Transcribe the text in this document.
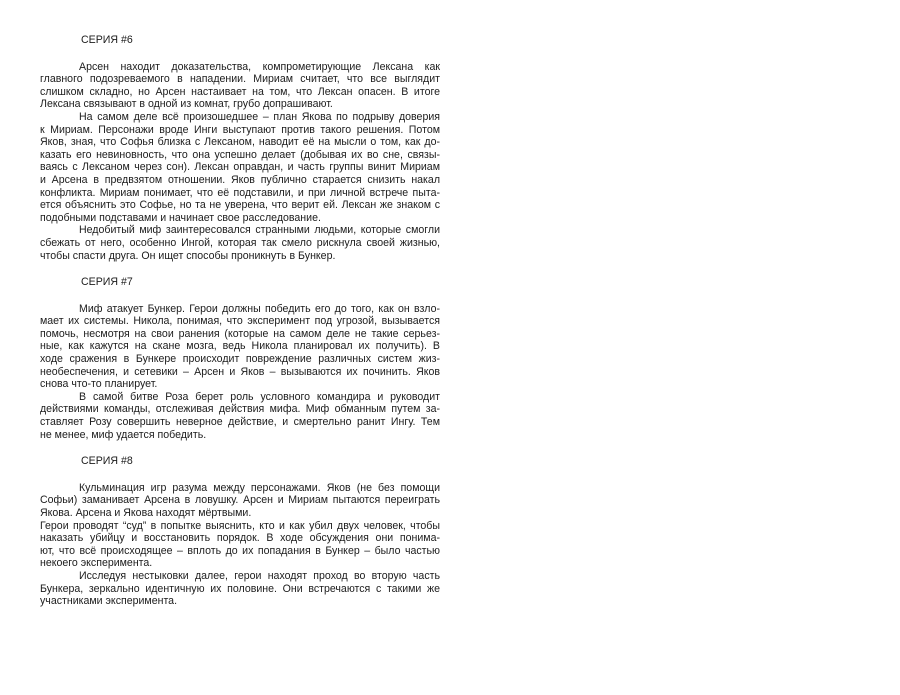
СЕРИЯ #6
Арсен находит доказательства, компрометирующие Лексана как
главного подозреваемого в нападении. Мириам считает, что все выглядит
слишком складно, но Арсен настаивает на том, что Лексан опасен. В итоге
Лексана связывают в одной из комнат, грубо допрашивают.
На самом деле всё произошедшее – план Якова по подрыву доверия
к Мириам. Персонажи вроде Инги выступают против такого решения. Потом
Яков, зная, что Софья близка с Лексаном, наводит её на мысли о том, как до-
казать его невиновность, что она успешно делает (добывая их во сне, связы-
ваясь с Лексаном через сон). Лексан оправдан, и часть группы винит Мириам
и Арсена в предвзятом отношении. Яков публично старается снизить накал
конфликта. Мириам понимает, что её подставили, и при личной встрече пыта-
ется объяснить это Софье, но та не уверена, что верит ей. Лексан же знаком с
подобными подставами и начинает свое расследование.
Недобитый миф заинтересовался странными людьми, которые смогли
сбежать от него, особенно Ингой, которая так смело рискнула своей жизнью,
чтобы спасти друга. Он ищет способы проникнуть в Бункер.
СЕРИЯ #7
Миф атакует Бункер. Герои должны победить его до того, как он взло-
мает их системы. Никола, понимая, что эксперимент под угрозой, вызывается
помочь, несмотря на свои ранения (которые на самом деле не такие серьез-
ные, как кажутся на скане мозга, ведь Никола планировал их получить). В
ходе сражения в Бункере происходит повреждение различных систем жиз-
необеспечения, и сетевики – Арсен и Яков – вызываются их починить. Яков
снова что-то планирует.
В самой битве Роза берет роль условного командира и руководит
действиями команды, отслеживая действия мифа. Миф обманным путем за-
ставляет Розу совершить неверное действие, и смертельно ранит Ингу. Тем
не менее, миф удается победить.
СЕРИЯ #8
Кульминация игр разума между персонажами. Яков (не без помощи
Софьи) заманивает Арсена в ловушку. Арсен и Мириам пытаются переиграть
Якова. Арсена и Якова находят мёртвыми.
Герои проводят “суд” в попытке выяснить, кто и как убил двух человек, чтобы
наказать убийцу и восстановить порядок. В ходе обсуждения они понима-
ют, что всё происходящее – вплоть до их попадания в Бункер – было частью
некоего эксперимента.
Исследуя нестыковки далее, герои находят проход во вторую часть
Бункера, зеркально идентичную их половине. Они встречаются с такими же
участниками эксперимента.
